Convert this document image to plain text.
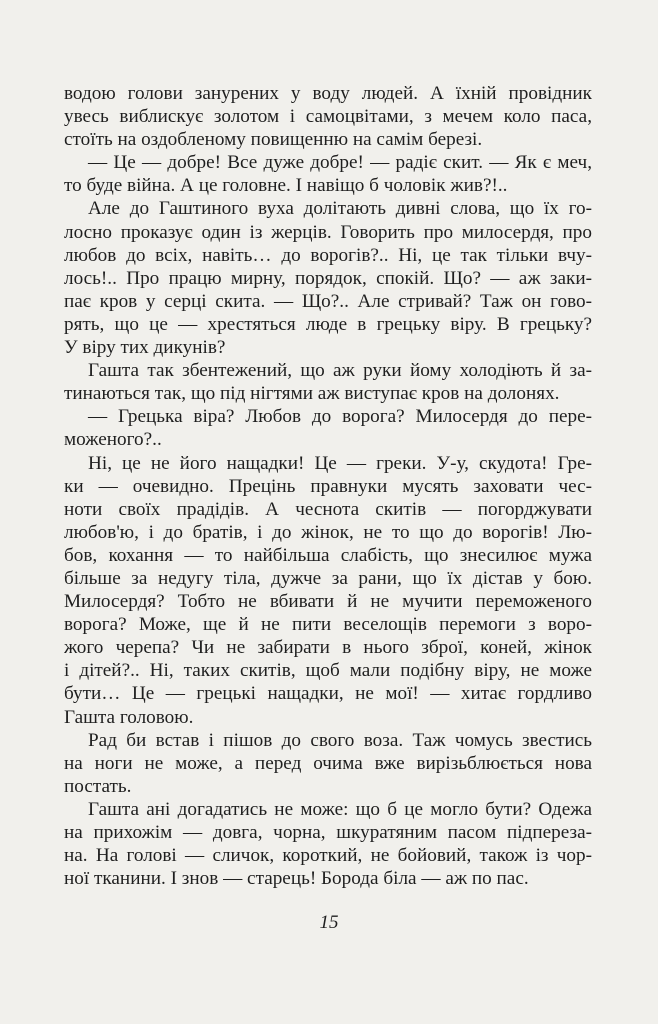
водою голови занурених у воду людей. А їхній провідник
увесь виблискує золотом і самоцвітами, з мечем коло паса,
стоїть на оздобленому повищенню на самім березі.
— Це — добре! Все дуже добре! — радіє скит. — Як є меч,
то буде війна. А це головне. І навіщо б чоловік жив?!..
Але до Гаштиного вуха долітають дивні слова, що їх го-
лосно проказує один із жерців. Говорить про милосердя, про
любов до всіх, навіть… до ворогів?.. Ні, це так тільки вчу-
лось!.. Про працю мирну, порядок, спокій. Що? — аж заки-
пає кров у серці скита. — Що?.. Але стривай? Таж он гово-
рять, що це — хрестяться люде в грецьку віру. В грецьку?
У віру тих дикунів?
Гашта так збентежений, що аж руки йому холодіють й за-
тинаються так, що під нігтями аж виступає кров на долонях.
— Грецька віра? Любов до ворога? Милосердя до пере-
моженого?..
Ні, це не його нащадки! Це — греки. У-у, скудота! Гре-
ки — очевидно. Прецінь правнуки мусять заховати чес-
ноти своїх прадідів. А чеснота скитів — погорджувати
любов'ю, і до братів, і до жінок, не то що до ворогів! Лю-
бов, кохання — то найбільша слабість, що знесилює мужа
більше за недугу тіла, дужче за рани, що їх дістав у бою.
Милосердя? Тобто не вбивати й не мучити переможеного
ворога? Може, ще й не пити веселощів перемоги з воро-
жого черепа? Чи не забирати в нього зброї, коней, жінок
і дітей?.. Ні, таких скитів, щоб мали подібну віру, не може
бути… Це — грецькі нащадки, не мої! — хитає гордливо
Гашта головою.
Рад би встав і пішов до свого воза. Таж чомусь звестись
на ноги не може, а перед очима вже вирізьблюється нова
постать.
Гашта ані догадатись не може: що б це могло бути? Одежа
на прихожім — довга, чорна, шкуратяним пасом підпереза-
на. На голові — сличок, короткий, не бойовий, також із чор-
ної тканини. І знов — старець! Борода біла — аж по пас.
15
